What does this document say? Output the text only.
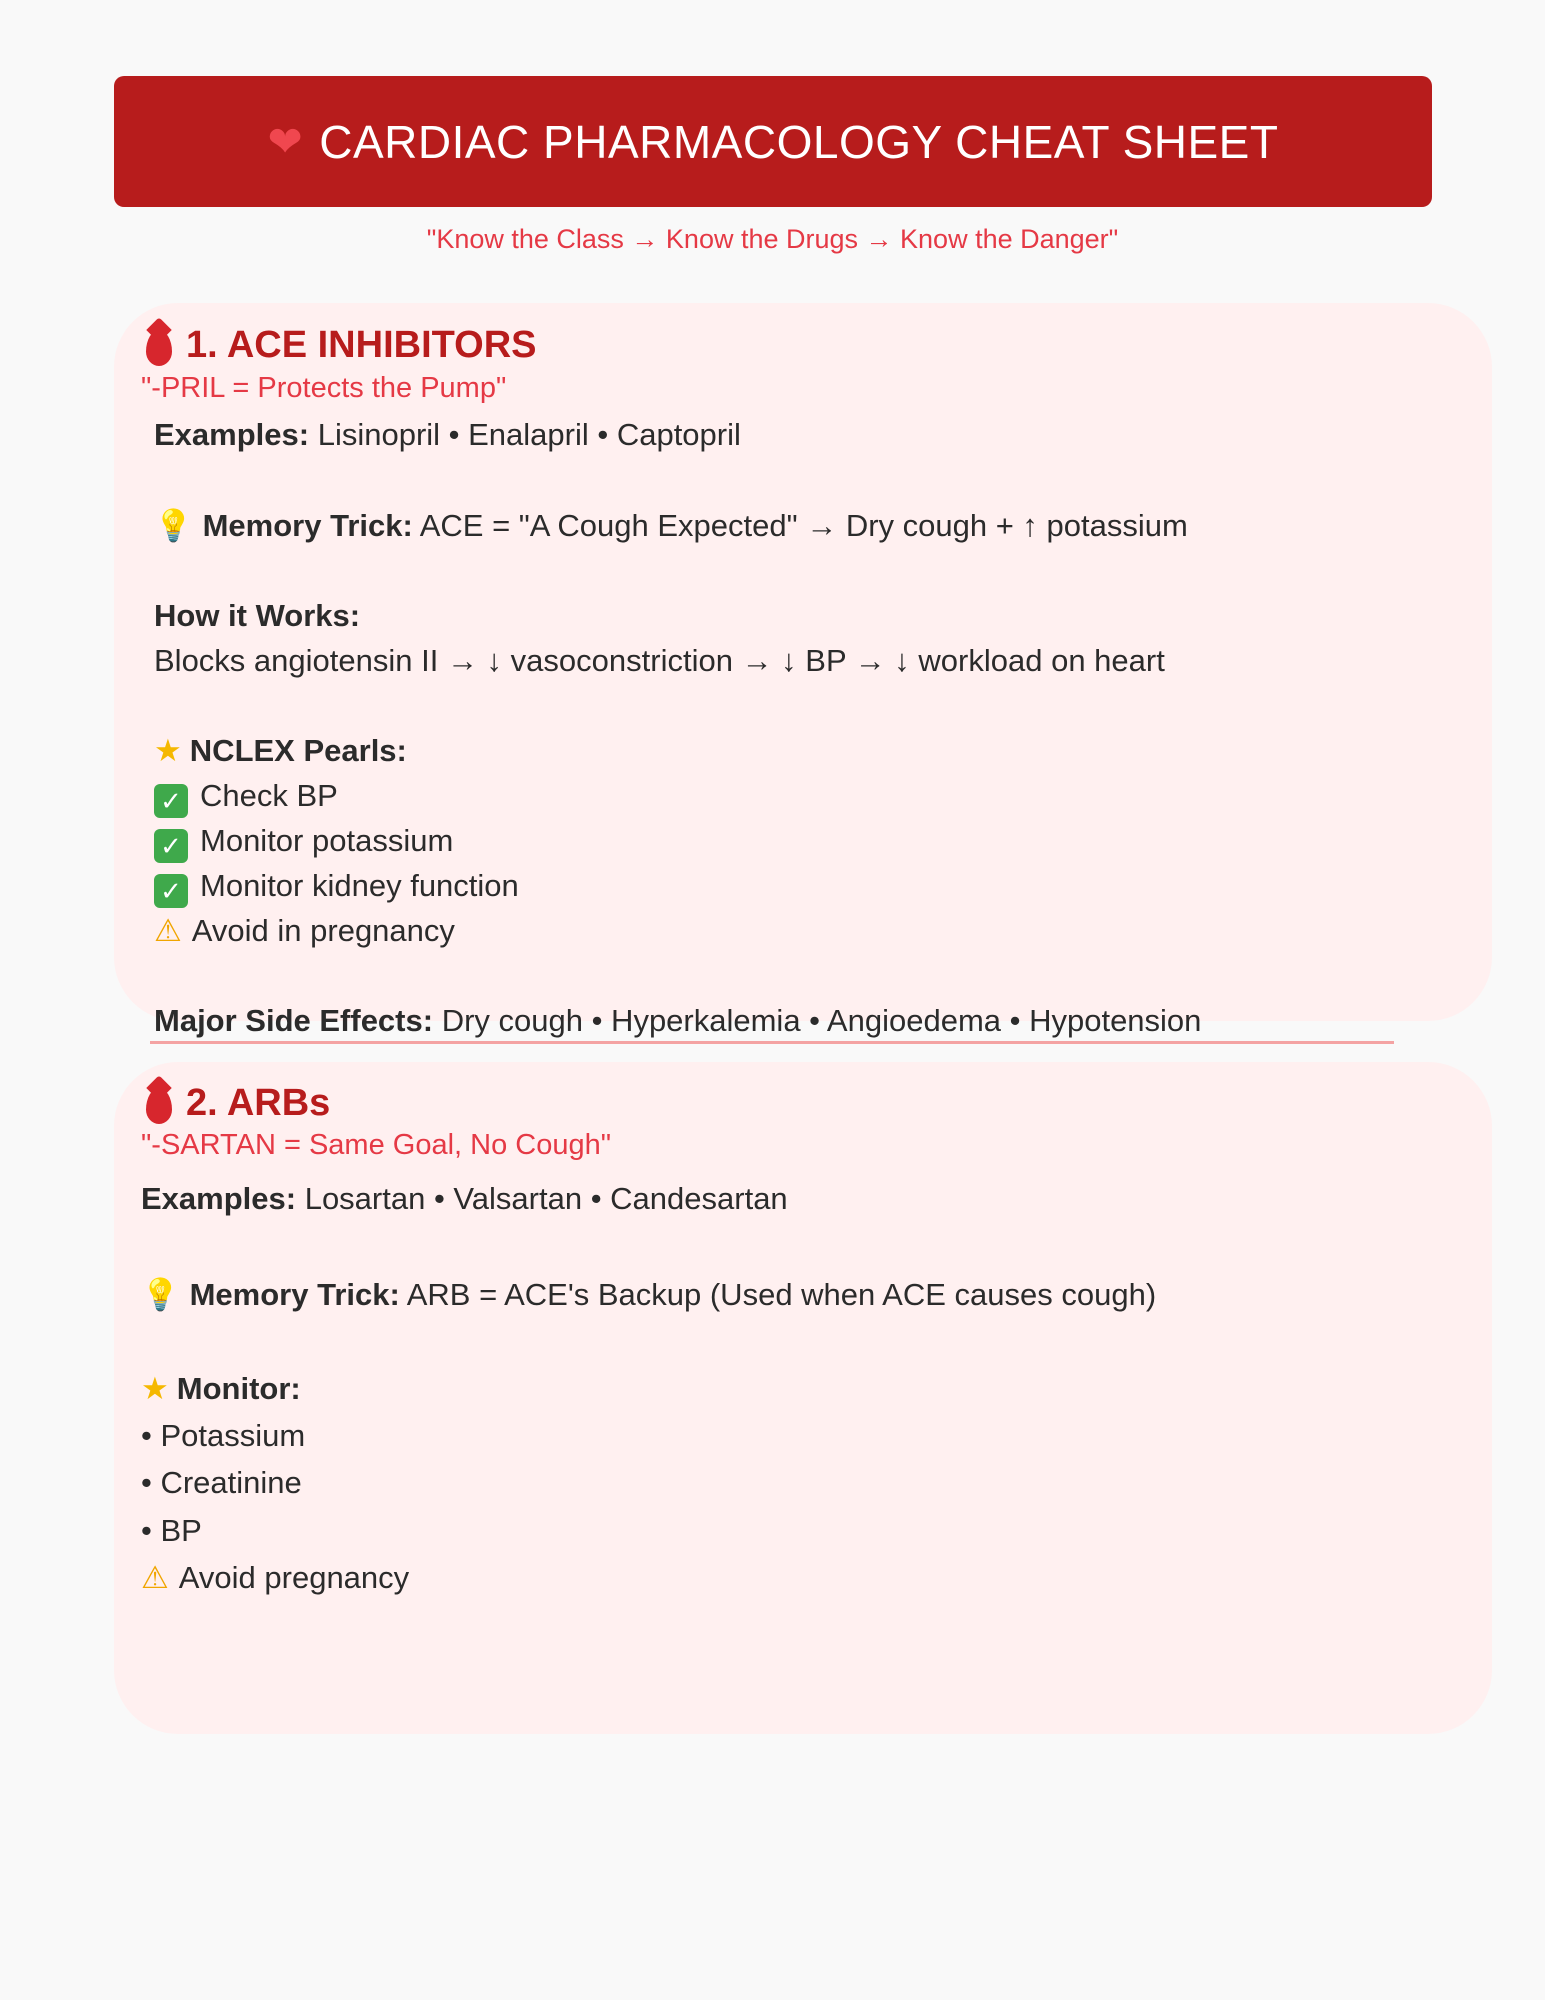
❤ CARDIAC PHARMACOLOGY CHEAT SHEET
"Know the Class → Know the Drugs → Know the Danger"
1. ACE INHIBITORS
"-PRIL = Protects the Pump"
Examples: Lisinopril • Enalapril • Captopril
💡 Memory Trick: ACE = "A Cough Expected" → Dry cough + ↑ potassium
How it Works:
Blocks angiotensin II → ↓ vasoconstriction → ↓ BP → ↓ workload on heart
★ NCLEX Pearls:
✓ Check BP
✓ Monitor potassium
✓ Monitor kidney function
⚠ Avoid in pregnancy
Major Side Effects: Dry cough • Hyperkalemia • Angioedema • Hypotension
2. ARBs
"-SARTAN = Same Goal, No Cough"
Examples: Losartan • Valsartan • Candesartan
💡 Memory Trick: ARB = ACE's Backup (Used when ACE causes cough)
★ Monitor:
• Potassium
• Creatinine
• BP
⚠ Avoid pregnancy
